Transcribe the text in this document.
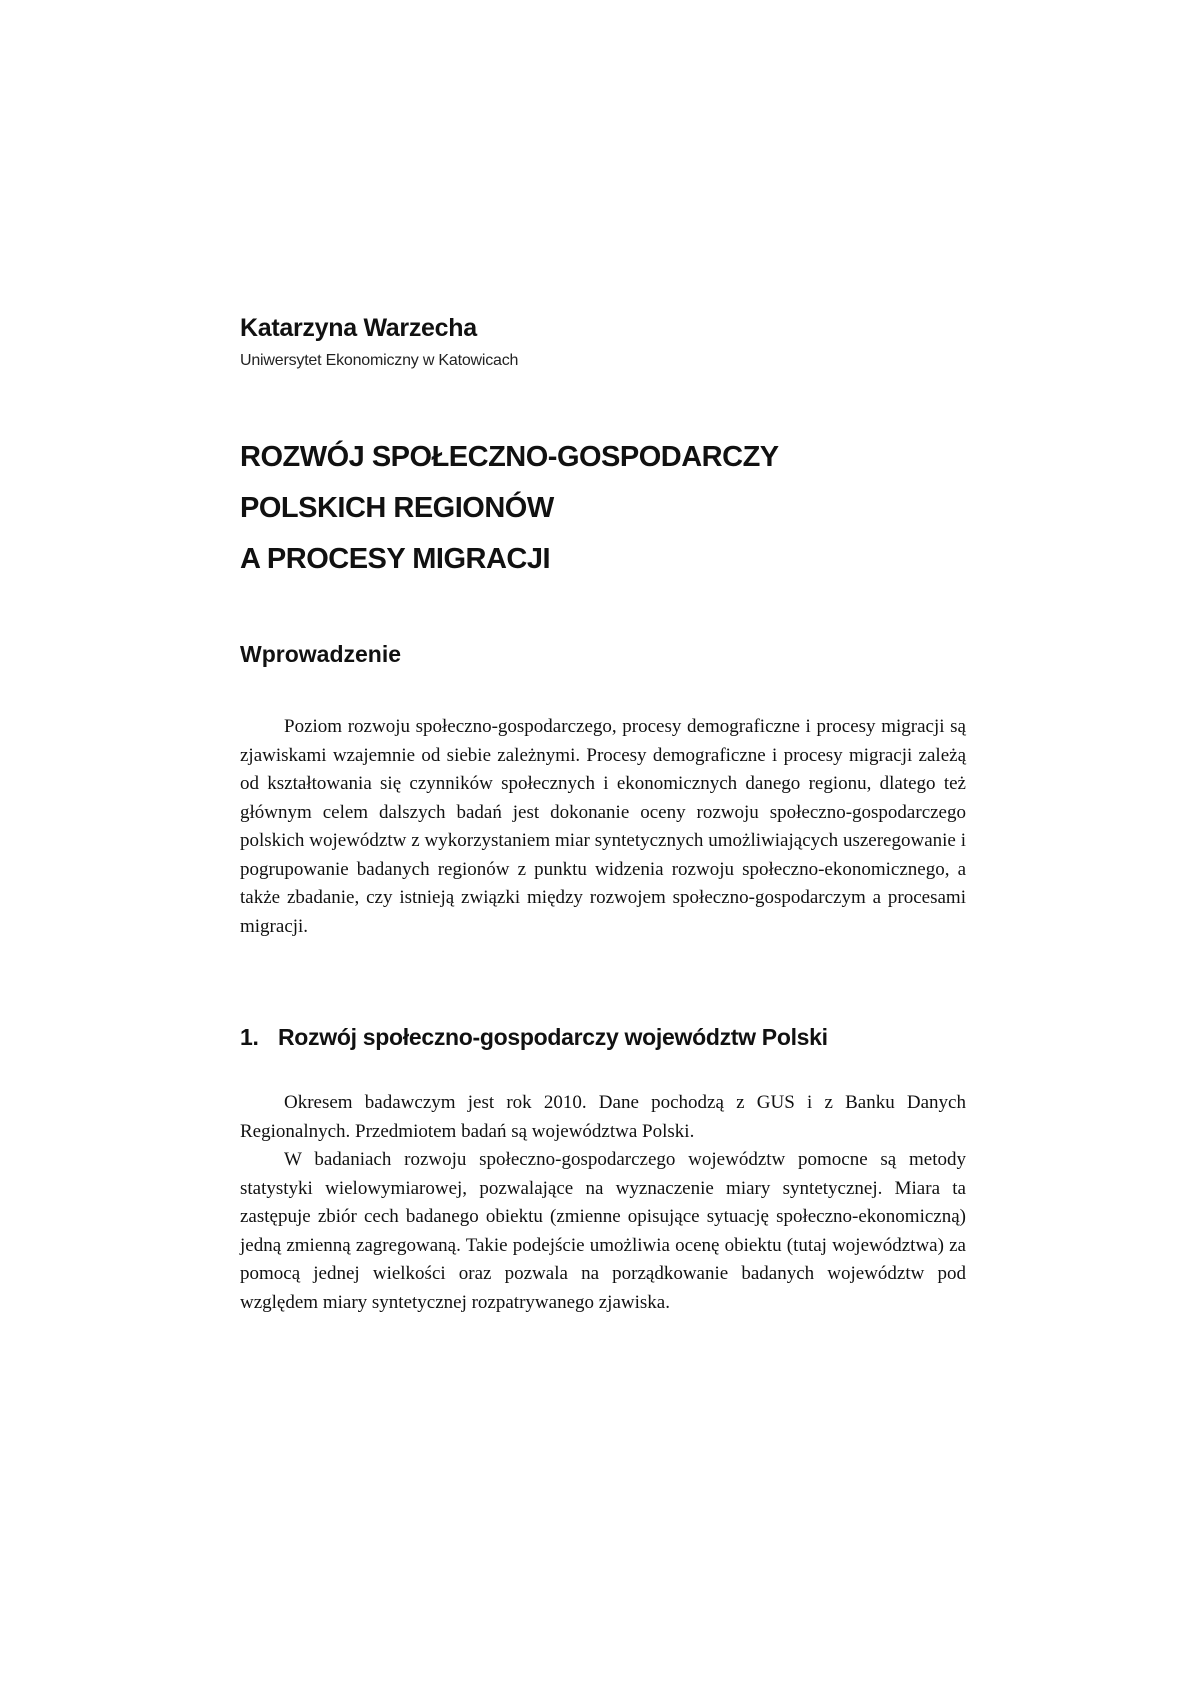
Katarzyna Warzecha
Uniwersytet Ekonomiczny w Katowicach
ROZWÓJ SPOŁECZNO-GOSPODARCZY
POLSKICH REGIONÓW
A PROCESY MIGRACJI
Wprowadzenie

Poziom rozwoju społeczno-gospodarczego, procesy demograficzne i procesy migracji są zjawiskami wzajemnie od siebie zależnymi. Procesy demograficzne i procesy migracji zależą od kształtowania się czynników społecznych i ekonomicznych danego regionu, dlatego też głównym celem dalszych badań jest dokonanie oceny rozwoju społeczno-gospodarczego polskich województw z wykorzystaniem miar syntetycznych umożliwiających uszeregowanie i pogrupowanie badanych regionów z punktu widzenia rozwoju społeczno-ekonomicznego, a także zbadanie, czy istnieją związki między rozwojem społeczno-gospodarczym a procesami migracji.

1. Rozwój społeczno-gospodarczy województw Polski

Okresem badawczym jest rok 2010. Dane pochodzą z GUS i z Banku Danych Regionalnych. Przedmiotem badań są województwa Polski.

W badaniach rozwoju społeczno-gospodarczego województw pomocne są metody statystyki wielowymiarowej, pozwalające na wyznaczenie miary syntetycznej. Miara ta zastępuje zbiór cech badanego obiektu (zmienne opisujące sytuację społeczno-ekonomiczną) jedną zmienną zagregowaną. Takie podejście umożliwia ocenę obiektu (tutaj województwa) za pomocą jednej wielkości oraz pozwala na porządkowanie badanych województw pod względem miary syntetycznej rozpatrywanego zjawiska.
